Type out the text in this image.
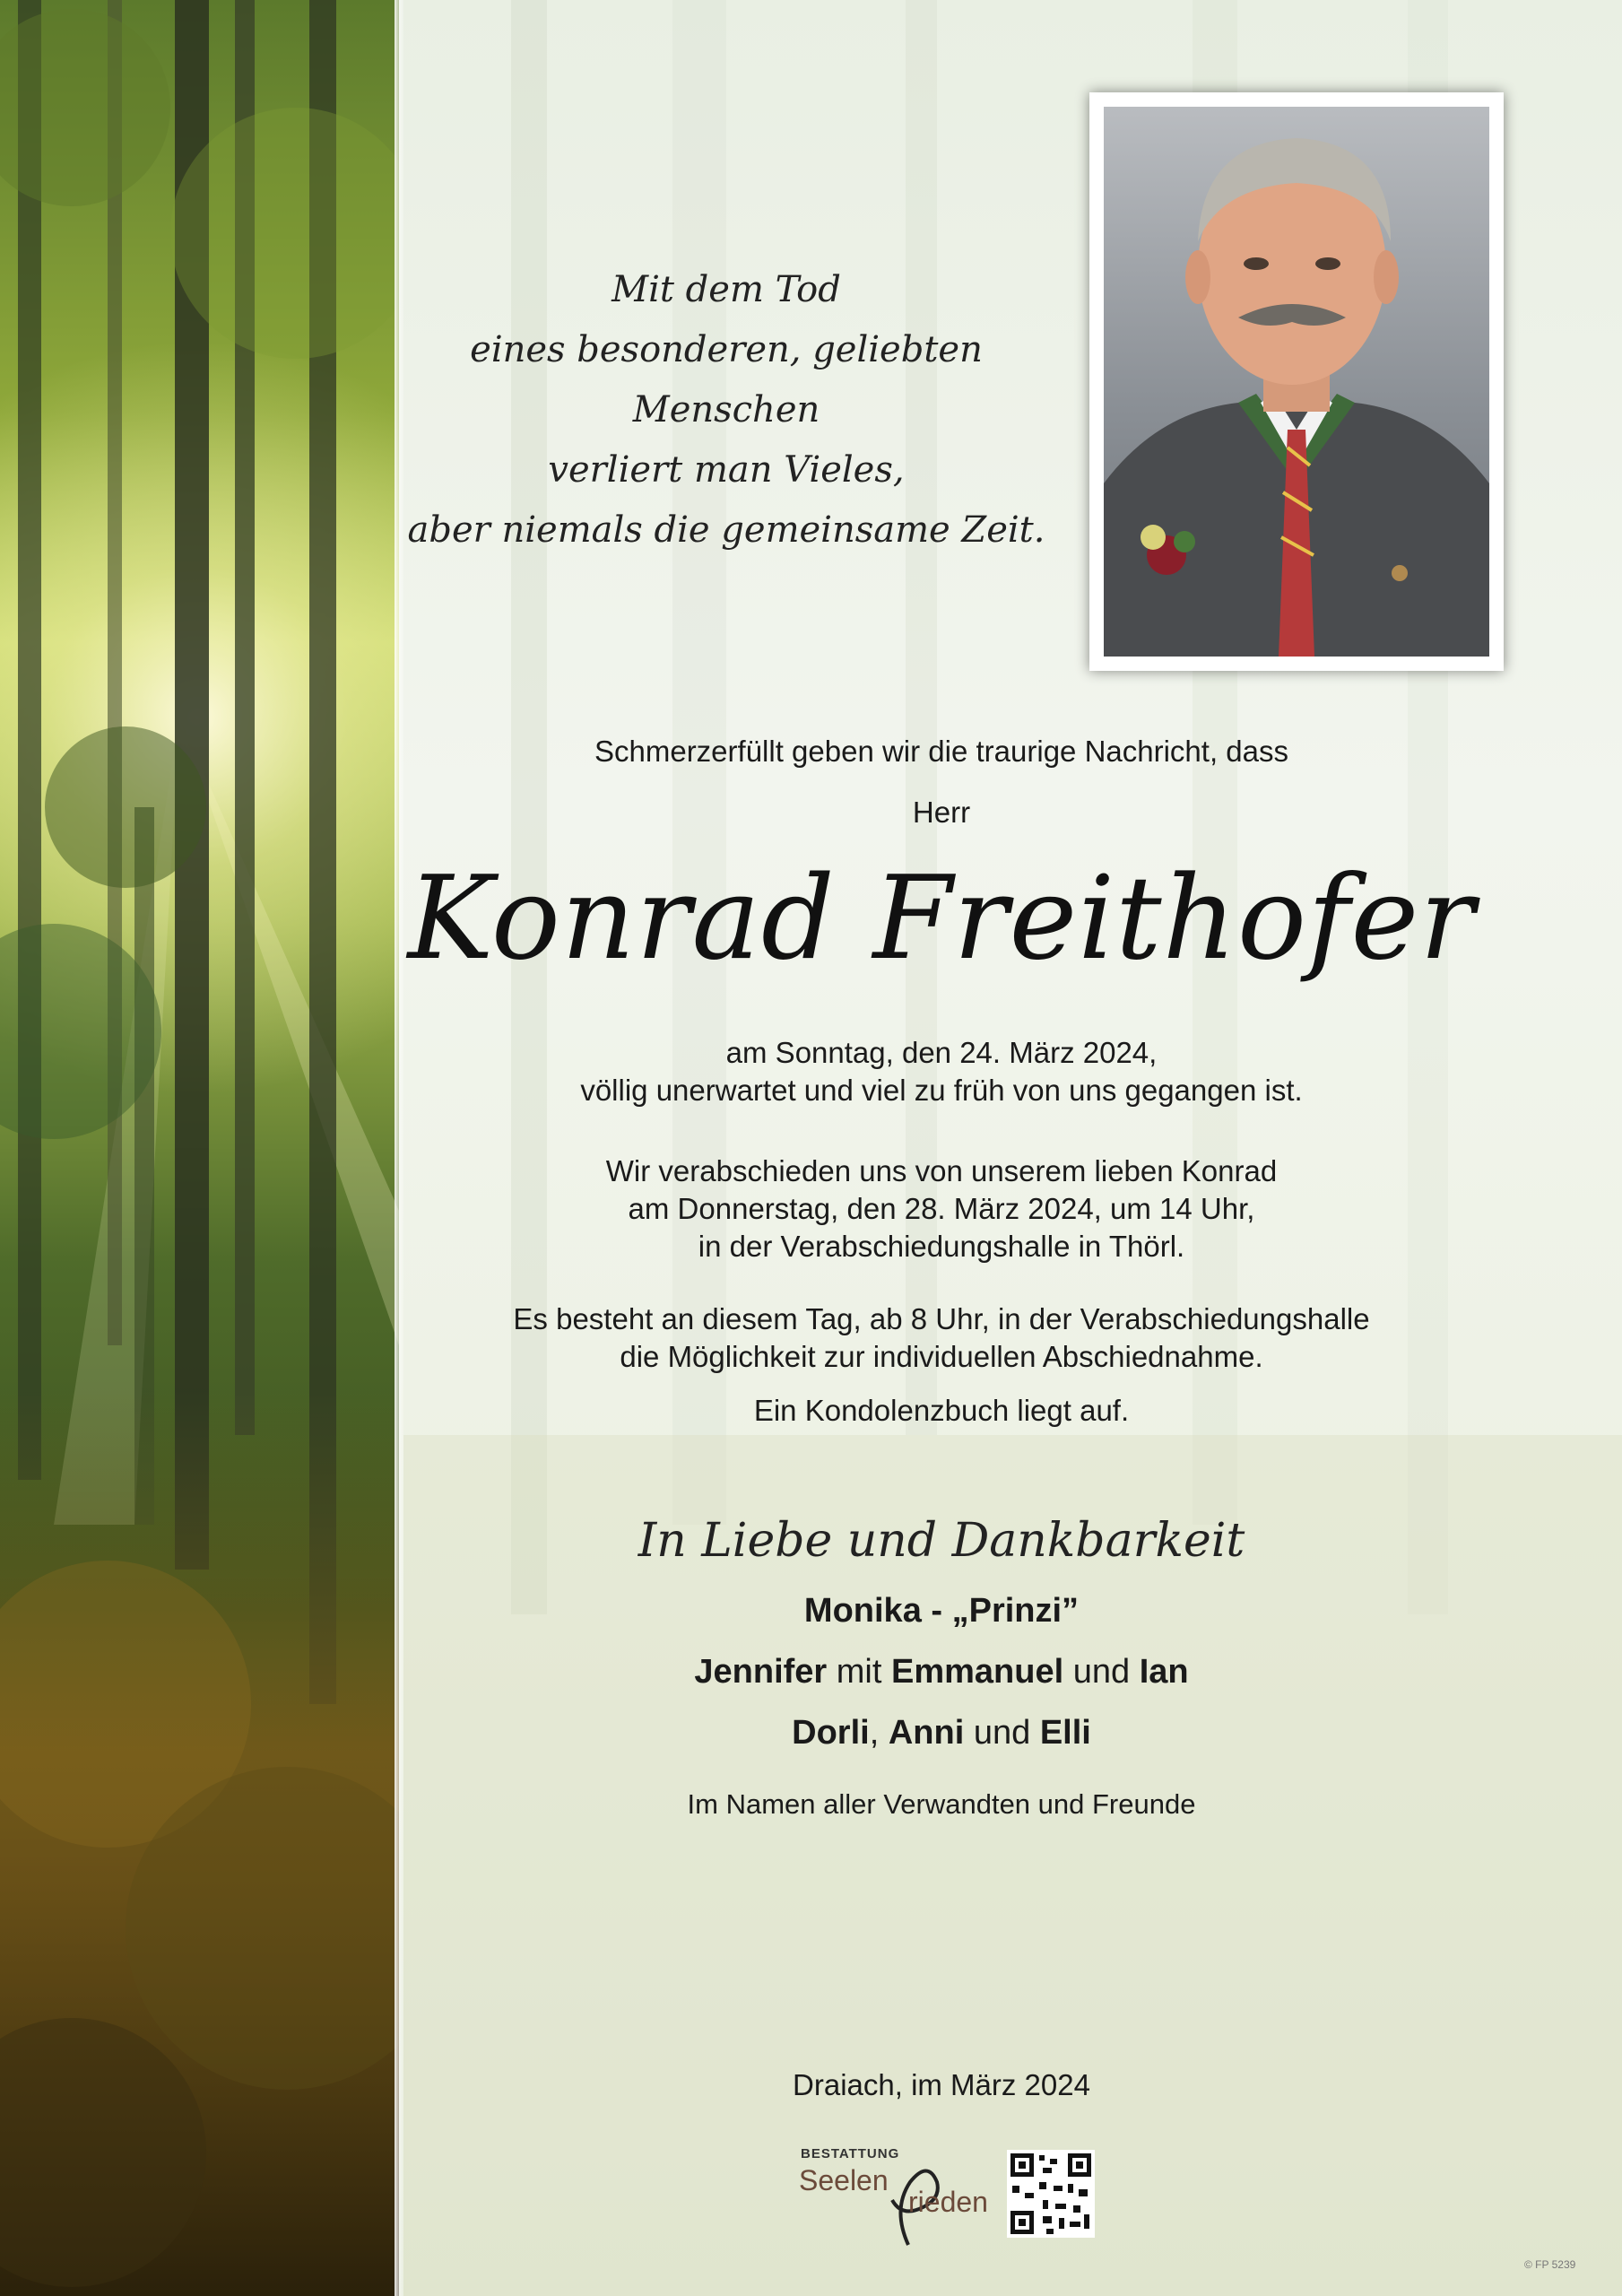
Mit dem Tod
eines besonderen, geliebten Menschen
verliert man Vieles,
aber niemals die gemeinsame Zeit.
Schmerzerfüllt geben wir die traurige Nachricht, dass
Herr
Konrad Freithofer
am Sonntag, den 24. März 2024,
völlig unerwartet und viel zu früh von uns gegangen ist.
Wir verabschieden uns von unserem lieben Konrad
am Donnerstag, den 28. März 2024, um 14 Uhr,
in der Verabschiedungshalle in Thörl.
Es besteht an diesem Tag, ab 8 Uhr, in der Verabschiedungshalle
die Möglichkeit zur individuellen Abschiednahme.
Ein Kondolenzbuch liegt auf.
In Liebe und Dankbarkeit
Monika - „Prinzi”
Jennifer mit Emmanuel und Ian
Dorli, Anni und Elli
Im Namen aller Verwandten und Freunde
Draiach, im März 2024
BESTATTUNG
Seelen
rieden
© FP 5239
